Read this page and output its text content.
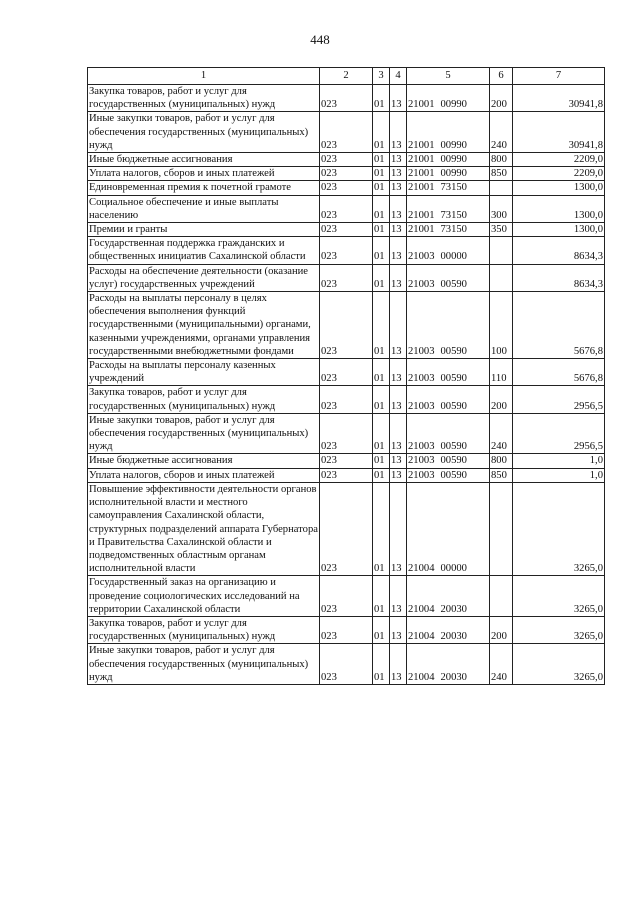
448
1	2	3	4	5	6	7
Закупка товаров, работ и услуг для государственных (муниципальных) нужд	023	01	13	21001 00990	200	30941,8
Иные закупки товаров, работ и услуг для обеспечения государственных (муниципальных) нужд	023	01	13	21001 00990	240	30941,8
Иные бюджетные ассигнования	023	01	13	21001 00990	800	2209,0
Уплата налогов, сборов и иных платежей	023	01	13	21001 00990	850	2209,0
Единовременная премия к почетной грамоте	023	01	13	21001 73150		1300,0
Социальное обеспечение и иные выплаты населению	023	01	13	21001 73150	300	1300,0
Премии и гранты	023	01	13	21001 73150	350	1300,0
Государственная поддержка гражданских и общественных инициатив Сахалинской области	023	01	13	21003 00000		8634,3
Расходы на обеспечение деятельности (оказание услуг) государственных учреждений	023	01	13	21003 00590		8634,3
Расходы на выплаты персоналу в целях обеспечения выполнения функций государственными (муниципальными) органами, казенными учреждениями, органами управления государственными внебюджетными фондами	023	01	13	21003 00590	100	5676,8
Расходы на выплаты персоналу казенных учреждений	023	01	13	21003 00590	110	5676,8
Закупка товаров, работ и услуг для государственных (муниципальных) нужд	023	01	13	21003 00590	200	2956,5
Иные закупки товаров, работ и услуг для обеспечения государственных (муниципальных) нужд	023	01	13	21003 00590	240	2956,5
Иные бюджетные ассигнования	023	01	13	21003 00590	800	1,0
Уплата налогов, сборов и иных платежей	023	01	13	21003 00590	850	1,0
Повышение эффективности деятельности органов исполнительной власти и местного самоуправления Сахалинской области, структурных подразделений аппарата Губернатора и Правительства Сахалинской области и подведомственных областным органам исполнительной власти	023	01	13	21004 00000		3265,0
Государственный заказ на организацию и проведение социологических исследований на территории Сахалинской области	023	01	13	21004 20030		3265,0
Закупка товаров, работ и услуг для государственных (муниципальных) нужд	023	01	13	21004 20030	200	3265,0
Иные закупки товаров, работ и услуг для обеспечения государственных (муниципальных) нужд	023	01	13	21004 20030	240	3265,0
